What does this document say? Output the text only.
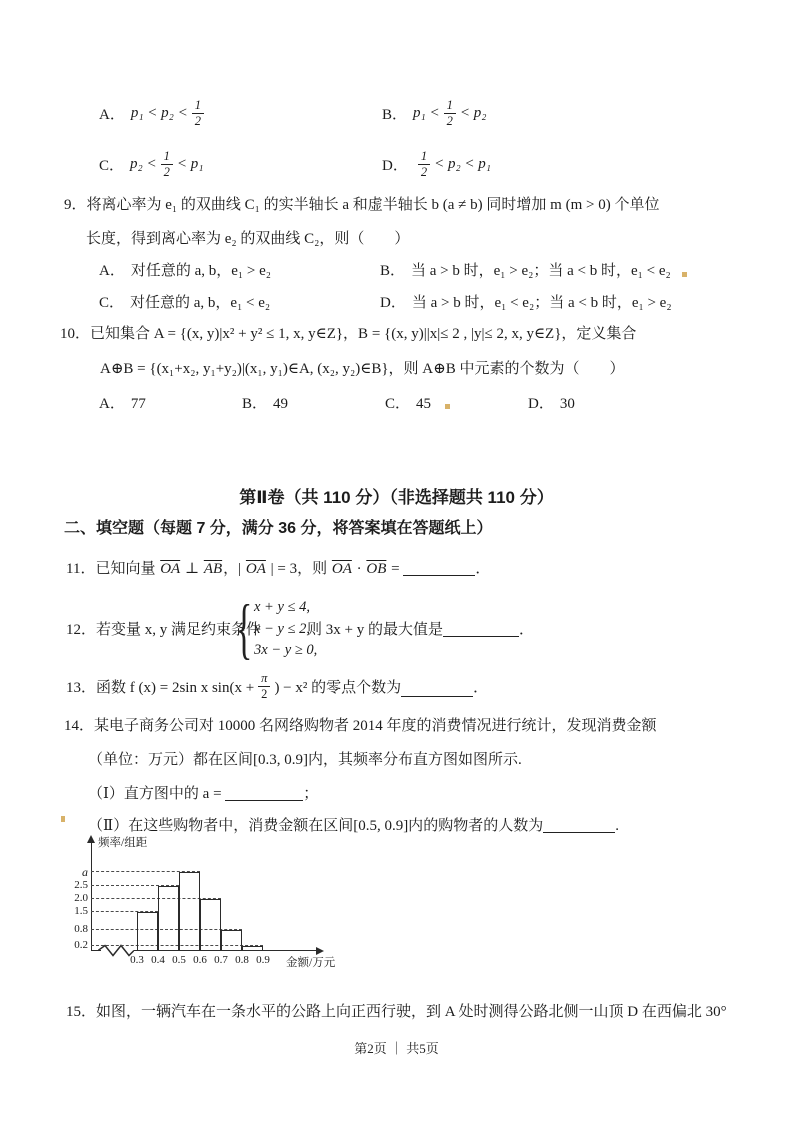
A． $p_1 < p_2 < \frac{1}{2}$	B． $p_1 < \frac{1}{2} < p_2$
C． $p_2 < \frac{1}{2} < p_1$	D． $\frac{1}{2} < p_2 < p_1$
9．将离心率为 e₁ 的双曲线 C₁ 的实半轴长 a 和虚半轴长 b (a ≠ b) 同时增加 m (m > 0) 个单位
长度，得到离心率为 e₂ 的双曲线 C₂，则（　　）
A． 对任意的 a, b，e₁ > e₂	B． 当 a > b 时，e₁ > e₂；当 a < b 时，e₁ < e₂
C． 对任意的 a, b，e₁ < e₂	D． 当 a > b 时，e₁ < e₂；当 a < b 时，e₁ > e₂
10．已知集合 A = {(x, y)|x² + y² ≤ 1, x, y∈Z}，B = {(x, y)||x|≤ 2 , |y|≤ 2, x, y∈Z}，定义集合
A⊕B = {(x₁+x₂, y₁+y₂)|(x₁, y₁)∈A, (x₂, y₂)∈B}，则 A⊕B 中元素的个数为（　　）
A． 77	B． 49	C． 45	D． 30
第Ⅱ卷（共 110 分）（非选择题共 110 分）
二、填空题（每题 7 分，满分 36 分，将答案填在答题纸上）
11．已知向量 $\overline{OA}$ ⊥ $\overline{AB}$，| $\overline{OA}$ | = 3，则 $\overline{OA} \cdot \overline{OB}$ =	．
12．若变量 x, y 满足约束条件
{ x + y ≤ 4,
x − y ≤ 2,
3x − y ≥ 0,
则 3x + y 的最大值是	．
13．函数 f (x) = 2sin x $\sin(x + \frac{\pi}{2}$ ) − x² 的零点个数为	．
14．某电子商务公司对 10000 名网络购物者 2014 年度的消费情况进行统计，发现消费金额
（单位：万元）都在区间[0.3, 0.9]内，其频率分布直方图如图所示.
（Ⅰ）直方图中的 a =	；
（Ⅱ）在这些购物者中，消费金额在区间[0.5, 0.9]内的购物者的人数为	.
频率/组距
金额/万元
0.2
0.8
1.5
2.0
2.5
a
0.3 0.4 0.5 0.6 0.7 0.8 0.9
15．如图，一辆汽车在一条水平的公路上向正西行驶，到 A 处时测得公路北侧一山顶 D 在西偏北 30°
第2页 ｜ 共5页
